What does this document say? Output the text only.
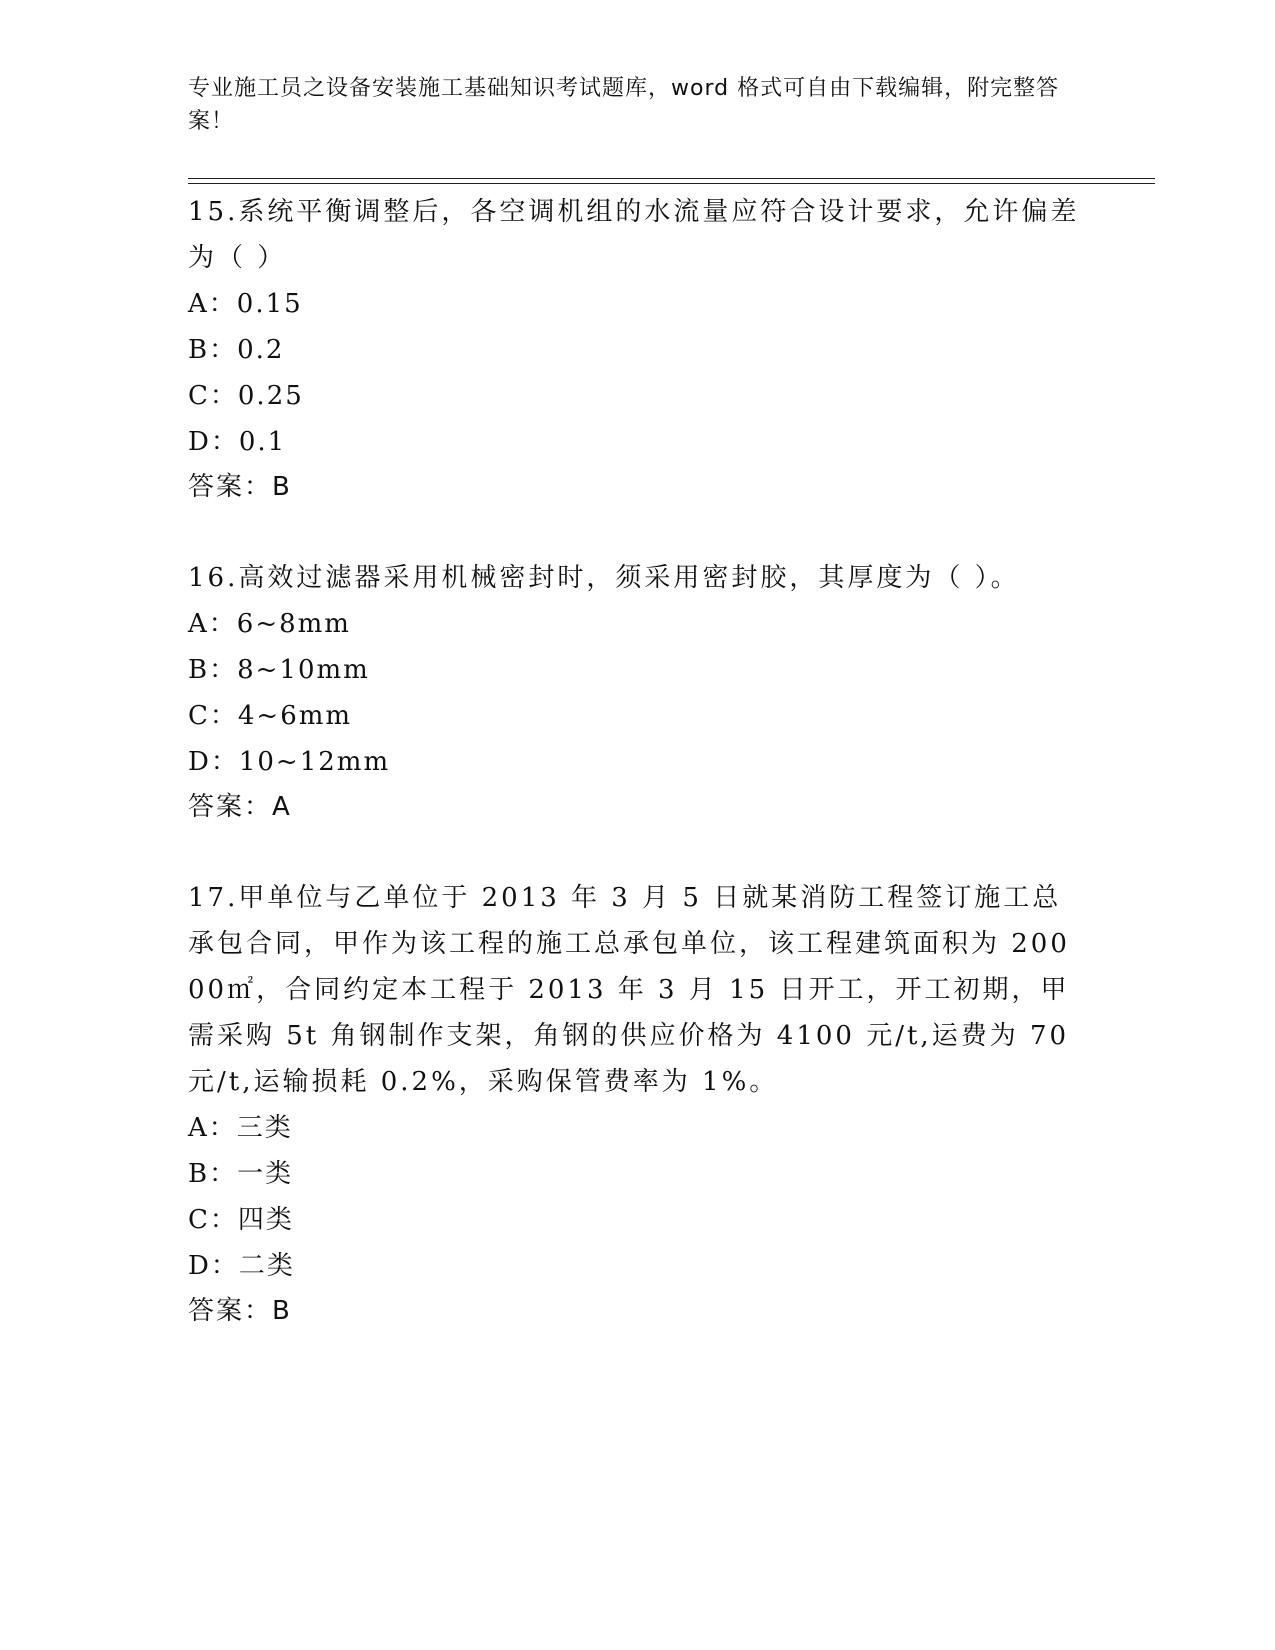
专业施工员之设备安装施工基础知识考试题库，word 格式可自由下载编辑，附完整答案！
15.系统平衡调整后，各空调机组的水流量应符合设计要求，允许偏差为（ ）
A：0.15
B：0.2
C：0.25
D：0.1
答案：B
16.高效过滤器采用机械密封时，须采用密封胶，其厚度为（ ）。
A：6~8mm
B：8~10mm
C：4~6mm
D：10~12mm
答案：A
17.甲单位与乙单位于 2013 年 3 月 5 日就某消防工程签订施工总承包合同，甲作为该工程的施工总承包单位，该工程建筑面积为 20000㎡，合同约定本工程于 2013 年 3 月 15 日开工，开工初期，甲需采购 5t 角钢制作支架，角钢的供应价格为 4100 元/t,运费为 70 元/t,运输损耗 0.2%，采购保管费率为 1%。
A：三类
B：一类
C：四类
D：二类
答案：B
